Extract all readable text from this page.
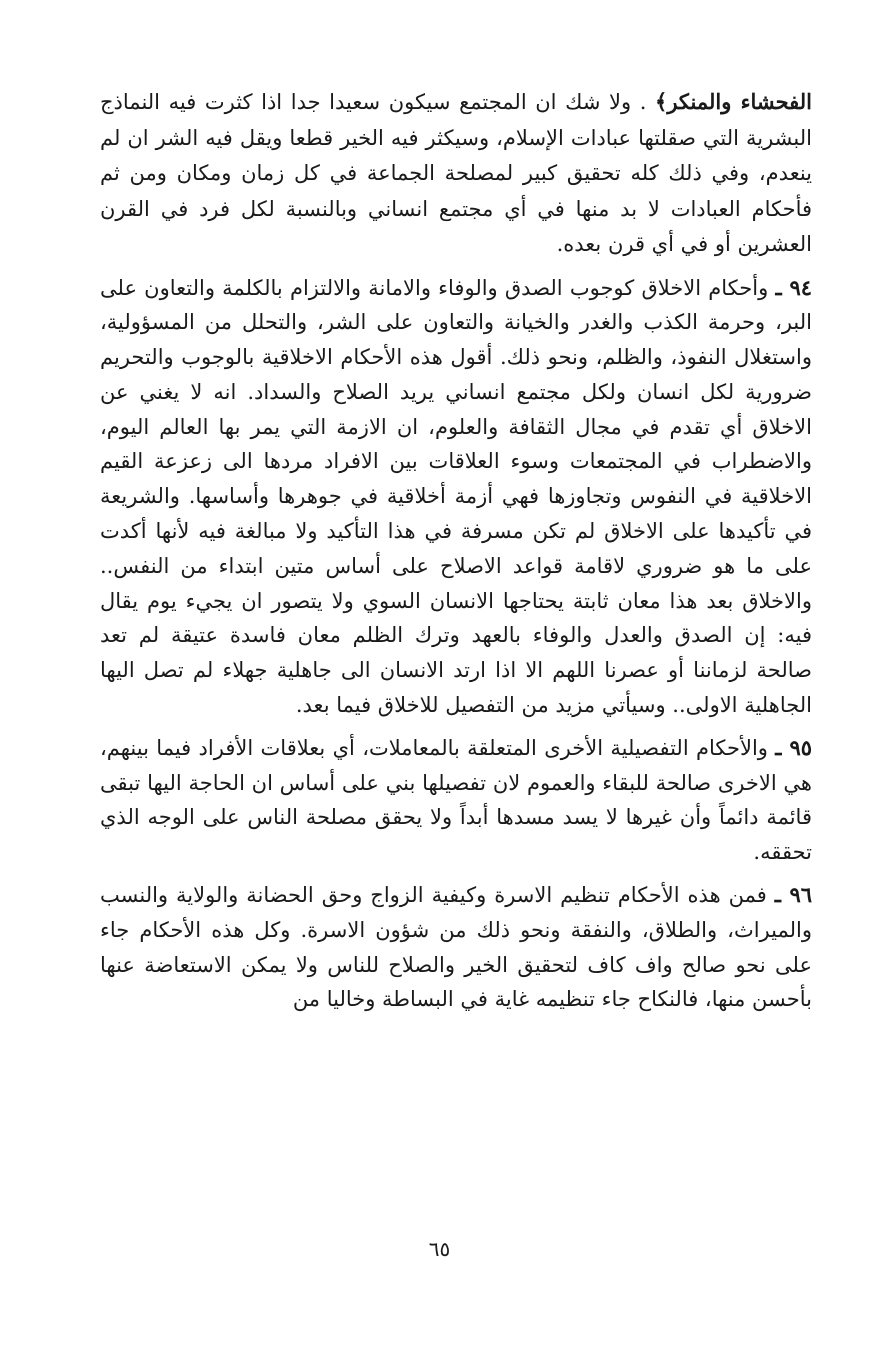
الفحشاء والمنكر﴾ . ولا شك ان المجتمع سيكون سعيدا جدا اذا كثرت فيه النماذج البشرية التي صقلتها عبادات الإسلام، وسيكثر فيه الخير قطعا ويقل فيه الشر ان لم ينعدم، وفي ذلك كله تحقيق كبير لمصلحة الجماعة في كل زمان ومكان ومن ثم فأحكام العبادات لا بد منها في أي مجتمع انساني وبالنسبة لكل فرد في القرن العشرين أو في أي قرن بعده.

٩٤ ـ وأحكام الاخلاق كوجوب الصدق والوفاء والامانة والالتزام بالكلمة والتعاون على البر، وحرمة الكذب والغدر والخيانة والتعاون على الشر، والتحلل من المسؤولية، واستغلال النفوذ، والظلم، ونحو ذلك. أقول هذه الأحكام الاخلاقية بالوجوب والتحريم ضرورية لكل انسان ولكل مجتمع انساني يريد الصلاح والسداد. انه لا يغني عن الاخلاق أي تقدم في مجال الثقافة والعلوم، ان الازمة التي يمر بها العالم اليوم، والاضطراب في المجتمعات وسوء العلاقات بين الافراد مردها الى زعزعة القيم الاخلاقية في النفوس وتجاوزها فهي أزمة أخلاقية في جوهرها وأساسها. والشريعة في تأكيدها على الاخلاق لم تكن مسرفة في هذا التأكيد ولا مبالغة فيه لأنها أكدت على ما هو ضروري لاقامة قواعد الاصلاح على أساس متين ابتداء من النفس.. والاخلاق بعد هذا معان ثابتة يحتاجها الانسان السوي ولا يتصور ان يجيء يوم يقال فيه: إن الصدق والعدل والوفاء بالعهد وترك الظلم معان فاسدة عتيقة لم تعد صالحة لزماننا أو عصرنا اللهم الا اذا ارتد الانسان الى جاهلية جهلاء لم تصل اليها الجاهلية الاولى.. وسيأتي مزيد من التفصيل للاخلاق فيما بعد.

٩٥ ـ والأحكام التفصيلية الأخرى المتعلقة بالمعاملات، أي بعلاقات الأفراد فيما بينهم، هي الاخرى صالحة للبقاء والعموم لان تفصيلها بني على أساس ان الحاجة اليها تبقى قائمة دائماً وأن غيرها لا يسد مسدها أبداً ولا يحقق مصلحة الناس على الوجه الذي تحققه.

٩٦ ـ فمن هذه الأحكام تنظيم الاسرة وكيفية الزواج وحق الحضانة والولاية والنسب والميراث، والطلاق، والنفقة ونحو ذلك من شؤون الاسرة. وكل هذه الأحكام جاء على نحو صالح واف كاف لتحقيق الخير والصلاح للناس ولا يمكن الاستعاضة عنها بأحسن منها، فالنكاح جاء تنظيمه غاية في البساطة وخاليا من

٦٥
